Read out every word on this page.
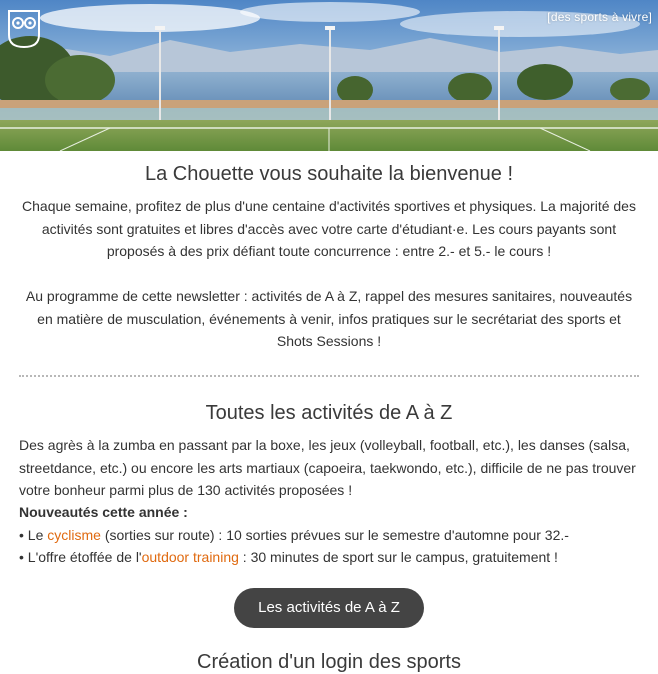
[des sports à vivre]
La Chouette vous souhaite la bienvenue !

Chaque semaine, profitez de plus d'une centaine d'activités sportives et physiques. La majorité des activités sont gratuites et libres d'accès avec votre carte d'étudiant·e. Les cours payants sont proposés à des prix défiant toute concurrence : entre 2.- et 5.- le cours !

Au programme de cette newsletter : activités de A à Z, rappel des mesures sanitaires, nouveautés en matière de musculation, événements à venir, infos pratiques sur le secrétariat des sports et Shots Sessions !

Toutes les activités de A à Z

Des agrès à la zumba en passant par la boxe, les jeux (volleyball, football, etc.), les danses (salsa, streetdance, etc.) ou encore les arts martiaux (capoeira, taekwondo, etc.), difficile de ne pas trouver votre bonheur parmi plus de 130 activités proposées !

Nouveautés cette année :

• Le cyclisme (sorties sur route) : 10 sorties prévues sur le semestre d'automne pour 32.-

• L'offre étoffée de l'outdoor training : 30 minutes de sport sur le campus, gratuitement !

Les activités de A à Z
Création d'un login des sports
